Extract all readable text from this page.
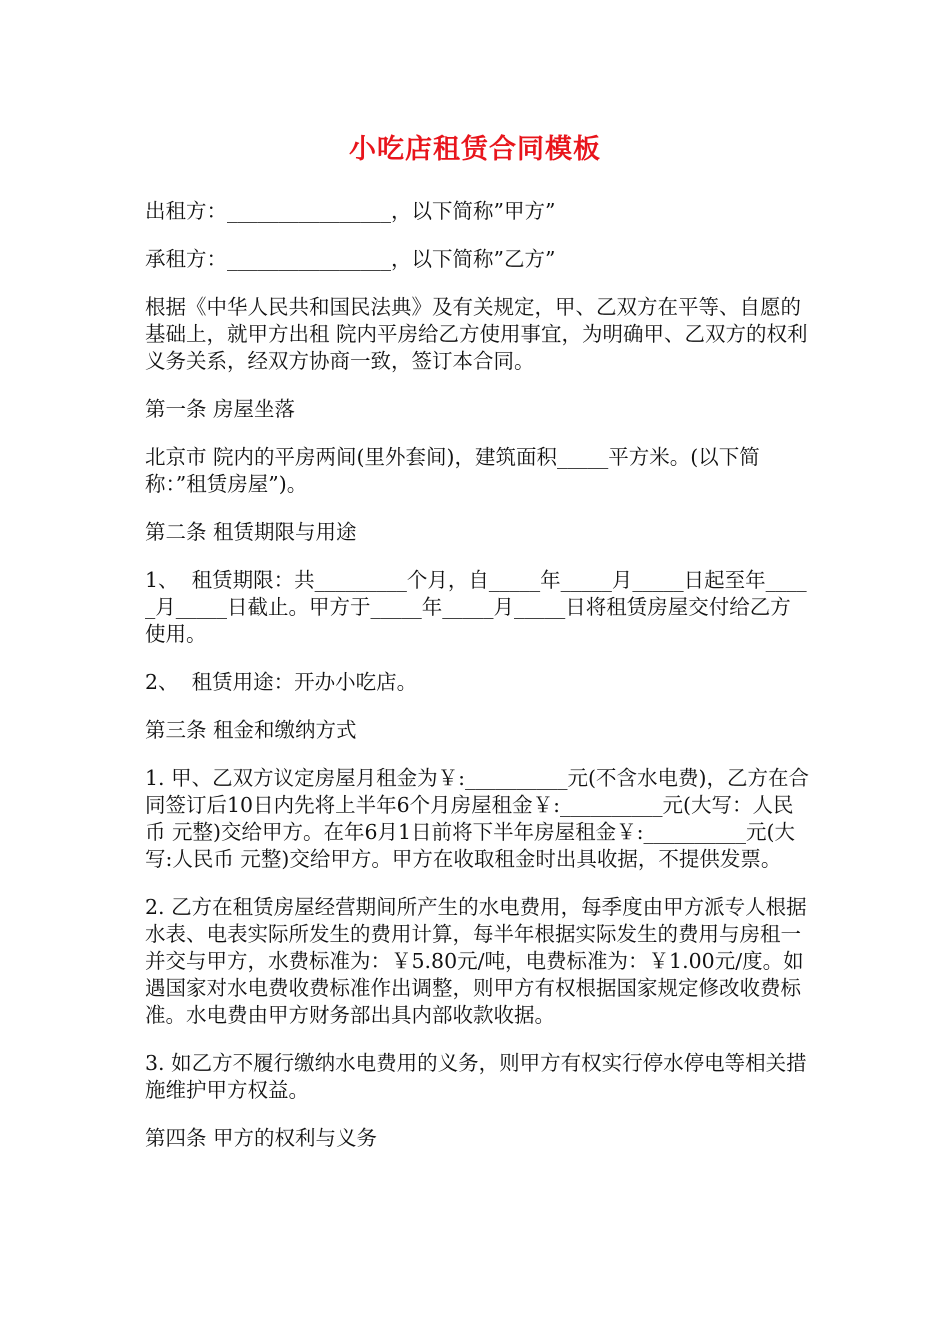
小吃店租赁合同模板

出租方：________________，以下简称”甲方”

承租方：________________，以下简称”乙方”

根据《中华人民共和国民法典》及有关规定，甲、乙双方在平等、自愿的基础上，就甲方出租 院内平房给乙方使用事宜，为明确甲、乙双方的权利义务关系，经双方协商一致，签订本合同。

第一条 房屋坐落

北京市 院内的平房两间(里外套间)，建筑面积_____平方米。(以下简称：”租赁房屋”)。

第二条 租赁期限与用途

1、  租赁期限：共_________个月，自_____年_____月_____日起至年_____月_____日截止。甲方于_____年_____月_____日将租赁房屋交付给乙方使用。

2、  租赁用途：开办小吃店。

第三条 租金和缴纳方式

1. 甲、乙双方议定房屋月租金为￥:__________元(不含水电费)，乙方在合同签订后10日内先将上半年6个月房屋租金￥:__________元(大写：人民币 元整)交给甲方。在年6月1日前将下半年房屋租金￥:__________元(大写:人民币 元整)交给甲方。甲方在收取租金时出具收据，不提供发票。

2. 乙方在租赁房屋经营期间所产生的水电费用，每季度由甲方派专人根据水表、电表实际所发生的费用计算，每半年根据实际发生的费用与房租一并交与甲方，水费标准为：￥5.80元/吨，电费标准为：￥1.00元/度。如遇国家对水电费收费标准作出调整，则甲方有权根据国家规定修改收费标准。水电费由甲方财务部出具内部收款收据。

3. 如乙方不履行缴纳水电费用的义务，则甲方有权实行停水停电等相关措施维护甲方权益。

第四条 甲方的权利与义务
